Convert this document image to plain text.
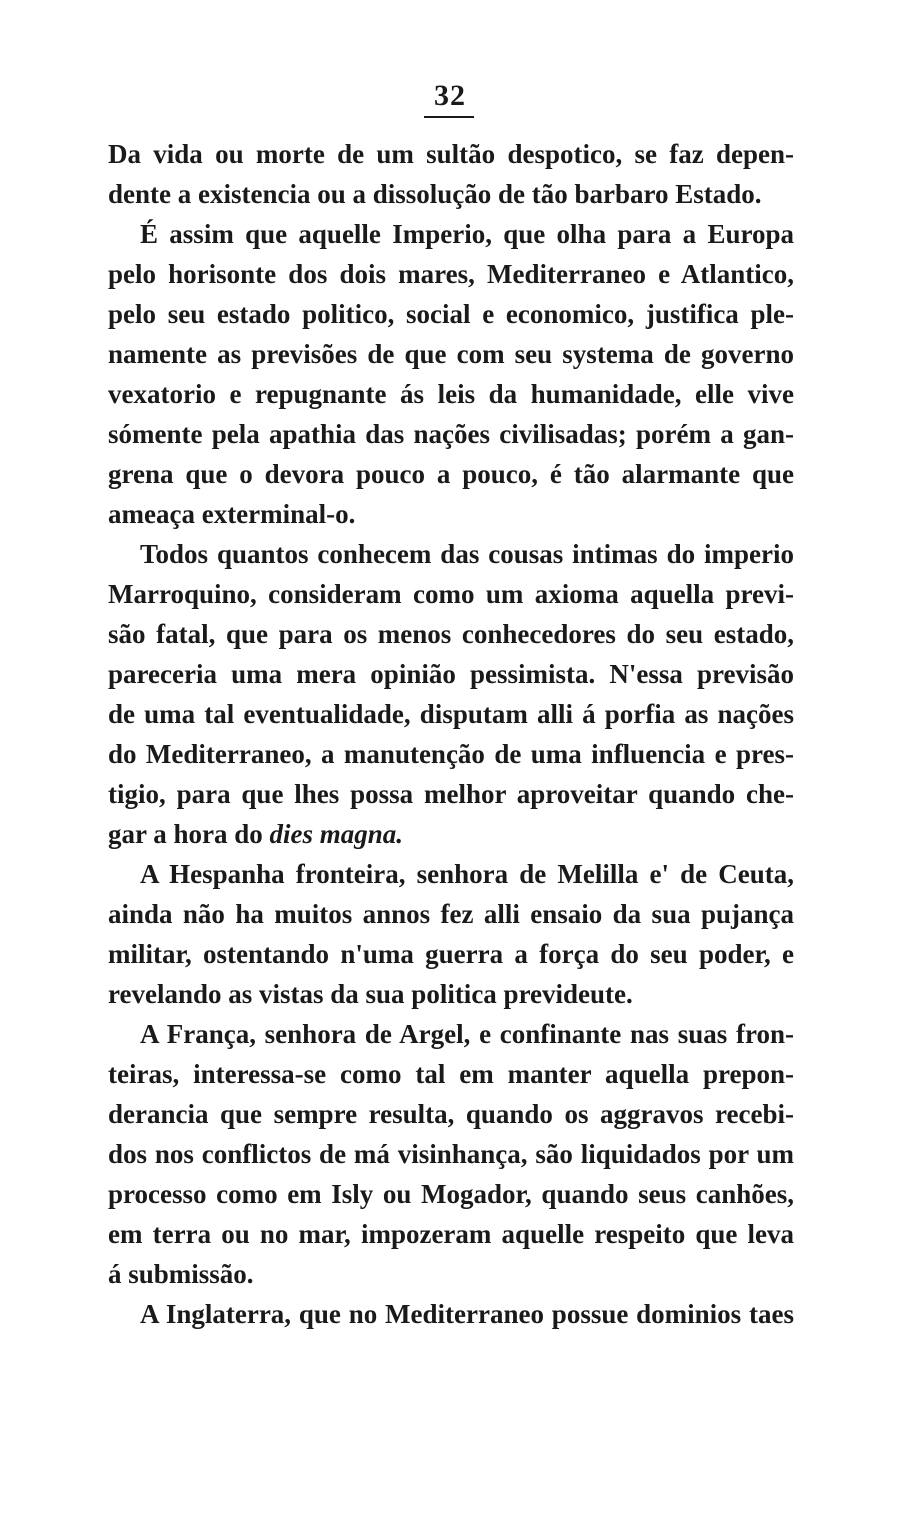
32
Da vida ou morte de um sultão despotico, se faz depen-
dente a existencia ou a dissolução de tão barbaro Estado.
É assim que aquelle Imperio, que olha para a Europa
pelo horisonte dos dois mares, Mediterraneo e Atlantico,
pelo seu estado politico, social e economico, justifica ple-
namente as previsões de que com seu systema de governo
vexatorio e repugnante ás leis da humanidade, elle vive
sómente pela apathia das nações civilisadas; porém a gan-
grena que o devora pouco a pouco, é tão alarmante que
ameaça exterminal-o.
Todos quantos conhecem das cousas intimas do imperio
Marroquino, consideram como um axioma aquella previ-
são fatal, que para os menos conhecedores do seu estado,
pareceria uma mera opinião pessimista. N'essa previsão
de uma tal eventualidade, disputam alli á porfia as nações
do Mediterraneo, a manutenção de uma influencia e pres-
tigio, para que lhes possa melhor aproveitar quando che-
gar a hora do dies magna.
A Hespanha fronteira, senhora de Melilla e' de Ceuta,
ainda não ha muitos annos fez alli ensaio da sua pujança
militar, ostentando n'uma guerra a força do seu poder, e
revelando as vistas da sua politica prevideute.
A França, senhora de Argel, e confinante nas suas fron-
teiras, interessa-se como tal em manter aquella prepon-
derancia que sempre resulta, quando os aggravos recebi-
dos nos conflictos de má visinhança, são liquidados por um
processo como em Isly ou Mogador, quando seus canhões,
em terra ou no mar, impozeram aquelle respeito que leva
á submissão.
A Inglaterra, que no Mediterraneo possue dominios taes
